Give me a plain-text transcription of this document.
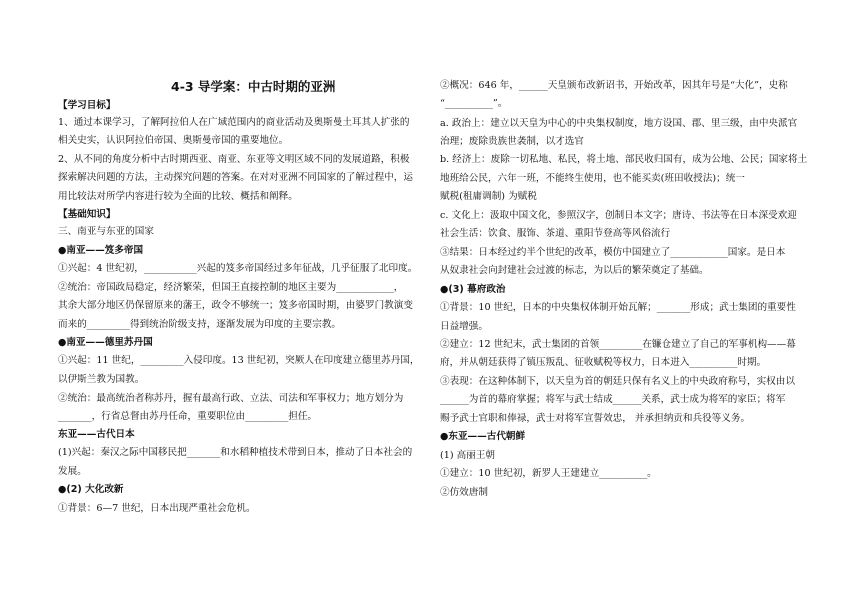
4-3 导学案：中古时期的亚洲
【学习目标】
1、通过本课学习，了解阿拉伯人在广域范围内的商业活动及奥斯曼土耳其人扩张的
相关史实，认识阿拉伯帝国、奥斯曼帝国的重要地位。
2、从不同的角度分析中古时期西亚、南亚、东亚等文明区域不同的发展道路，积极
探索解决问题的方法，主动探究问题的答案。在对对亚洲不同国家的了解过程中，运
用比较法对所学内容进行较为全面的比较、概括和阐释。
【基础知识】
三、南亚与东亚的国家
●南亚——笈多帝国
①兴起：4 世纪初，___________兴起的笈多帝国经过多年征战，几乎征服了北印度。
②统治：帝国政局稳定，经济繁荣，但国王直接控制的地区主要为____________，
其余大部分地区仍保留原来的藩王，政令不够统一；笈多帝国时期，由婆罗门教演变
而来的_________得到统治阶级支持，逐渐发展为印度的主要宗教。
●南亚——德里苏丹国
①兴起：11 世纪，_________入侵印度。13 世纪初，突厥人在印度建立德里苏丹国，
以伊斯兰教为国教。
②统治：最高统治者称苏丹，握有最高行政、立法、司法和军事权力；地方划分为
_______，行省总督由苏丹任命，重要职位由_________担任。
东亚——古代日本
(1)兴起：秦汉之际中国移民把_______和水稻种植技术带到日本，推动了日本社会的
发展。
●(2) 大化改新
①背景：6—7 世纪，日本出现严重社会危机。
②概况：646 年，______天皇颁布改新诏书，开始改革，因其年号是“大化”，史称
“__________”。
a. 政治上：建立以天皇为中心的中央集权制度，地方设国、郡、里三级，由中央派官
治理；废除贵族世袭制，以才选官
b. 经济上：废除一切私地、私民，将土地、部民收归国有，成为公地、公民；国家将土
地班给公民，六年一班，不能终生使用，也不能买卖(班田收授法)；统一
赋税(租庸调制) 为赋税
c. 文化上：汲取中国文化，参照汉字，创制日本文字；唐诗、书法等在日本深受欢迎
社会生活：饮食、服饰、茶道、重阳节登高等风俗流行
③结果：日本经过约半个世纪的改革，模仿中国建立了____________国家。是日本
从奴隶社会向封建社会过渡的标志，为以后的繁荣奠定了基础。
●(3) 幕府政治
①背景：10 世纪，日本的中央集权体制开始瓦解；_______形成；武士集团的重要性
日益增强。
②建立：12 世纪末，武士集团的首领_________在镰仓建立了自己的军事机构——幕
府，并从朝廷获得了镇压叛乱、征收赋税等权力，日本进入__________时期。
③表现：在这种体制下，以天皇为首的朝廷只保有名义上的中央政府称号，实权由以
______为首的幕府掌握；将军与武士结成______关系，武士成为将军的家臣；将军
赐予武士官职和俸禄，武士对将军宣誓效忠， 并承担纳贡和兵役等义务。
●东亚——古代朝鲜
(1) 高丽王朝
①建立：10 世纪初，新罗人王建建立__________。
②仿效唐制
